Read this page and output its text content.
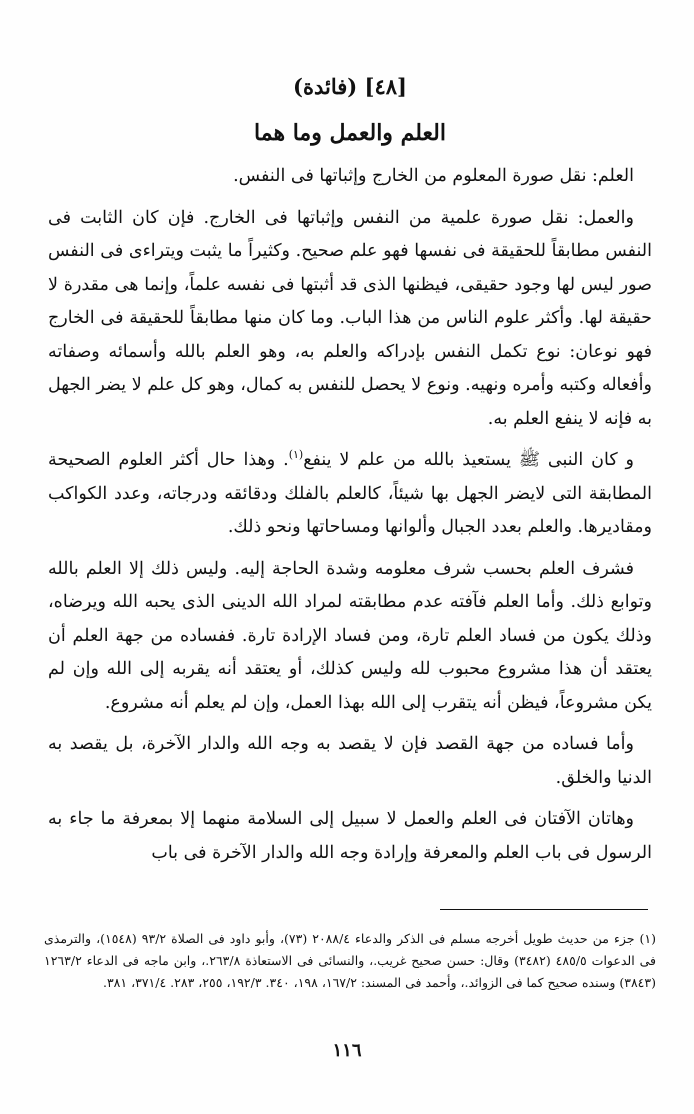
[٤٨] (فائدة)
العلم والعمل وما هما

العلم: نقل صورة المعلوم من الخارج وإثباتها فى النفس.

والعمل: نقل صورة علمية من النفس وإثباتها فى الخارج. فإن كان الثابت فى النفس مطابقاً للحقيقة فى نفسها فهو علم صحيح. وكثيراً ما يثبت ويتراءى فى النفس صور ليس لها وجود حقيقى، فيظنها الذى قد أثبتها فى نفسه علماً، وإنما هى مقدرة لا حقيقة لها. وأكثر علوم الناس من هذا الباب. وما كان منها مطابقاً للحقيقة فى الخارج فهو نوعان: نوع تكمل النفس بإدراكه والعلم به، وهو العلم بالله وأسمائه وصفاته وأفعاله وكتبه وأمره ونهيه. ونوع لا يحصل للنفس به كمال، وهو كل علم لا يضر الجهل به فإنه لا ينفع العلم به.

و كان النبى ﷺ يستعيذ بالله من علم لا ينفع$^{(١)}$. وهذا حال أكثر العلوم الصحيحة المطابقة التى لايضر الجهل بها شيئاً، كالعلم بالفلك ودقائقه ودرجاته، وعدد الكواكب ومقاديرها. والعلم بعدد الجبال وألوانها ومساحاتها ونحو ذلك.

فشرف العلم بحسب شرف معلومه وشدة الحاجة إليه. وليس ذلك إلا العلم بالله وتوابع ذلك. وأما العلم فآفته عدم مطابقته لمراد الله الدينى الذى يحبه الله ويرضاه، وذلك يكون من فساد العلم تارة، ومن فساد الإرادة تارة. ففساده من جهة العلم أن يعتقد أن هذا مشروع محبوب لله وليس كذلك، أو يعتقد أنه يقربه إلى الله وإن لم يكن مشروعاً، فيظن أنه يتقرب إلى الله بهذا العمل، وإن لم يعلم أنه مشروع.

وأما فساده من جهة القصد فإن لا يقصد به وجه الله والدار الآخرة، بل يقصد به الدنيا والخلق.

وهاتان الآفتان فى العلم والعمل لا سبيل إلى السلامة منهما إلا بمعرفة ما جاء به الرسول فى باب العلم والمعرفة وإرادة وجه الله والدار الآخرة فى باب

(١) جزء من حديث طويل أخرجه مسلم فى الذكر والدعاء ٢٠٨٨/٤ (٧٣)، وأبو داود فى الصلاة ٩٣/٢ (١٥٤٨)، والترمذى فى الدعوات ٤٨٥/٥ (٣٤٨٢) وقال: حسن صحيح غريب.، والنسائى فى الاستعاذة ٢٦٣/٨.، وابن ماجه فى الدعاء ١٢٦٣/٢ (٣٨٤٣) وسنده صحيح كما فى الزوائد.، وأحمد فى المسند: ١٦٧/٢، ١٩٨، ٣٤٠. ١٩٢/٣، ٢٥٥، ٢٨٣. ٣٧١/٤، ٣٨١.

١١٦
